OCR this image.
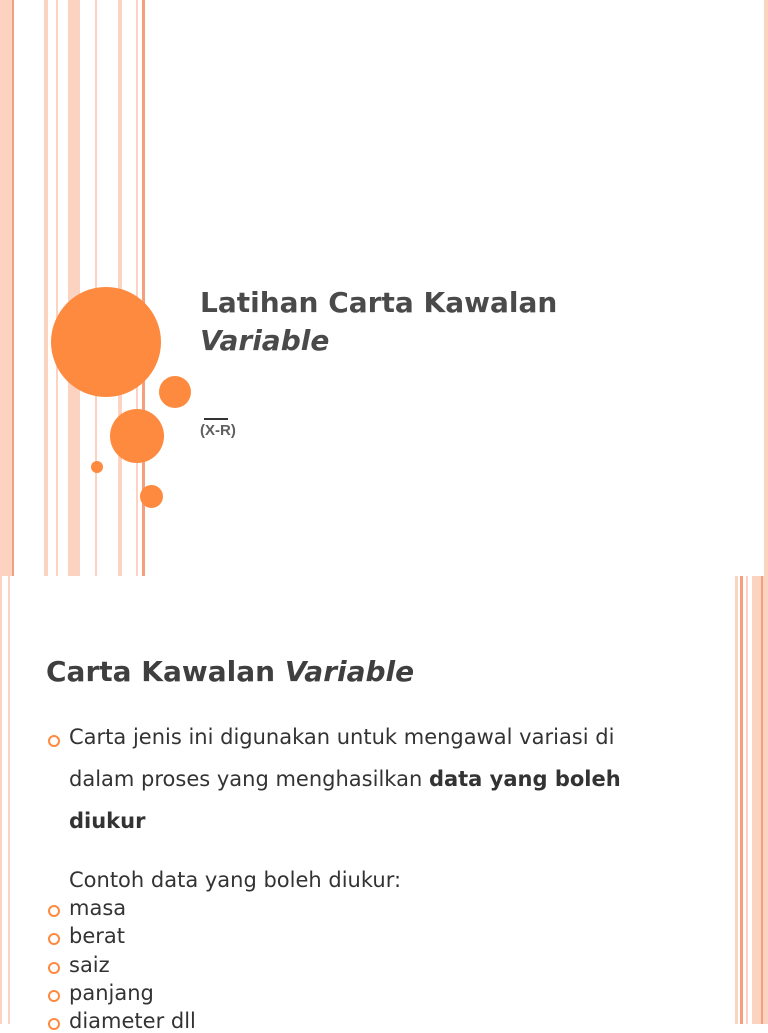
Latihan Carta Kawalan
Variable

(X-R)

Carta Kawalan Variable

Carta jenis ini digunakan untuk mengawal variasi di

dalam proses yang menghasilkan data yang boleh

diukur

Contoh data yang boleh diukur:

masa

berat

saiz

panjang

diameter dll
